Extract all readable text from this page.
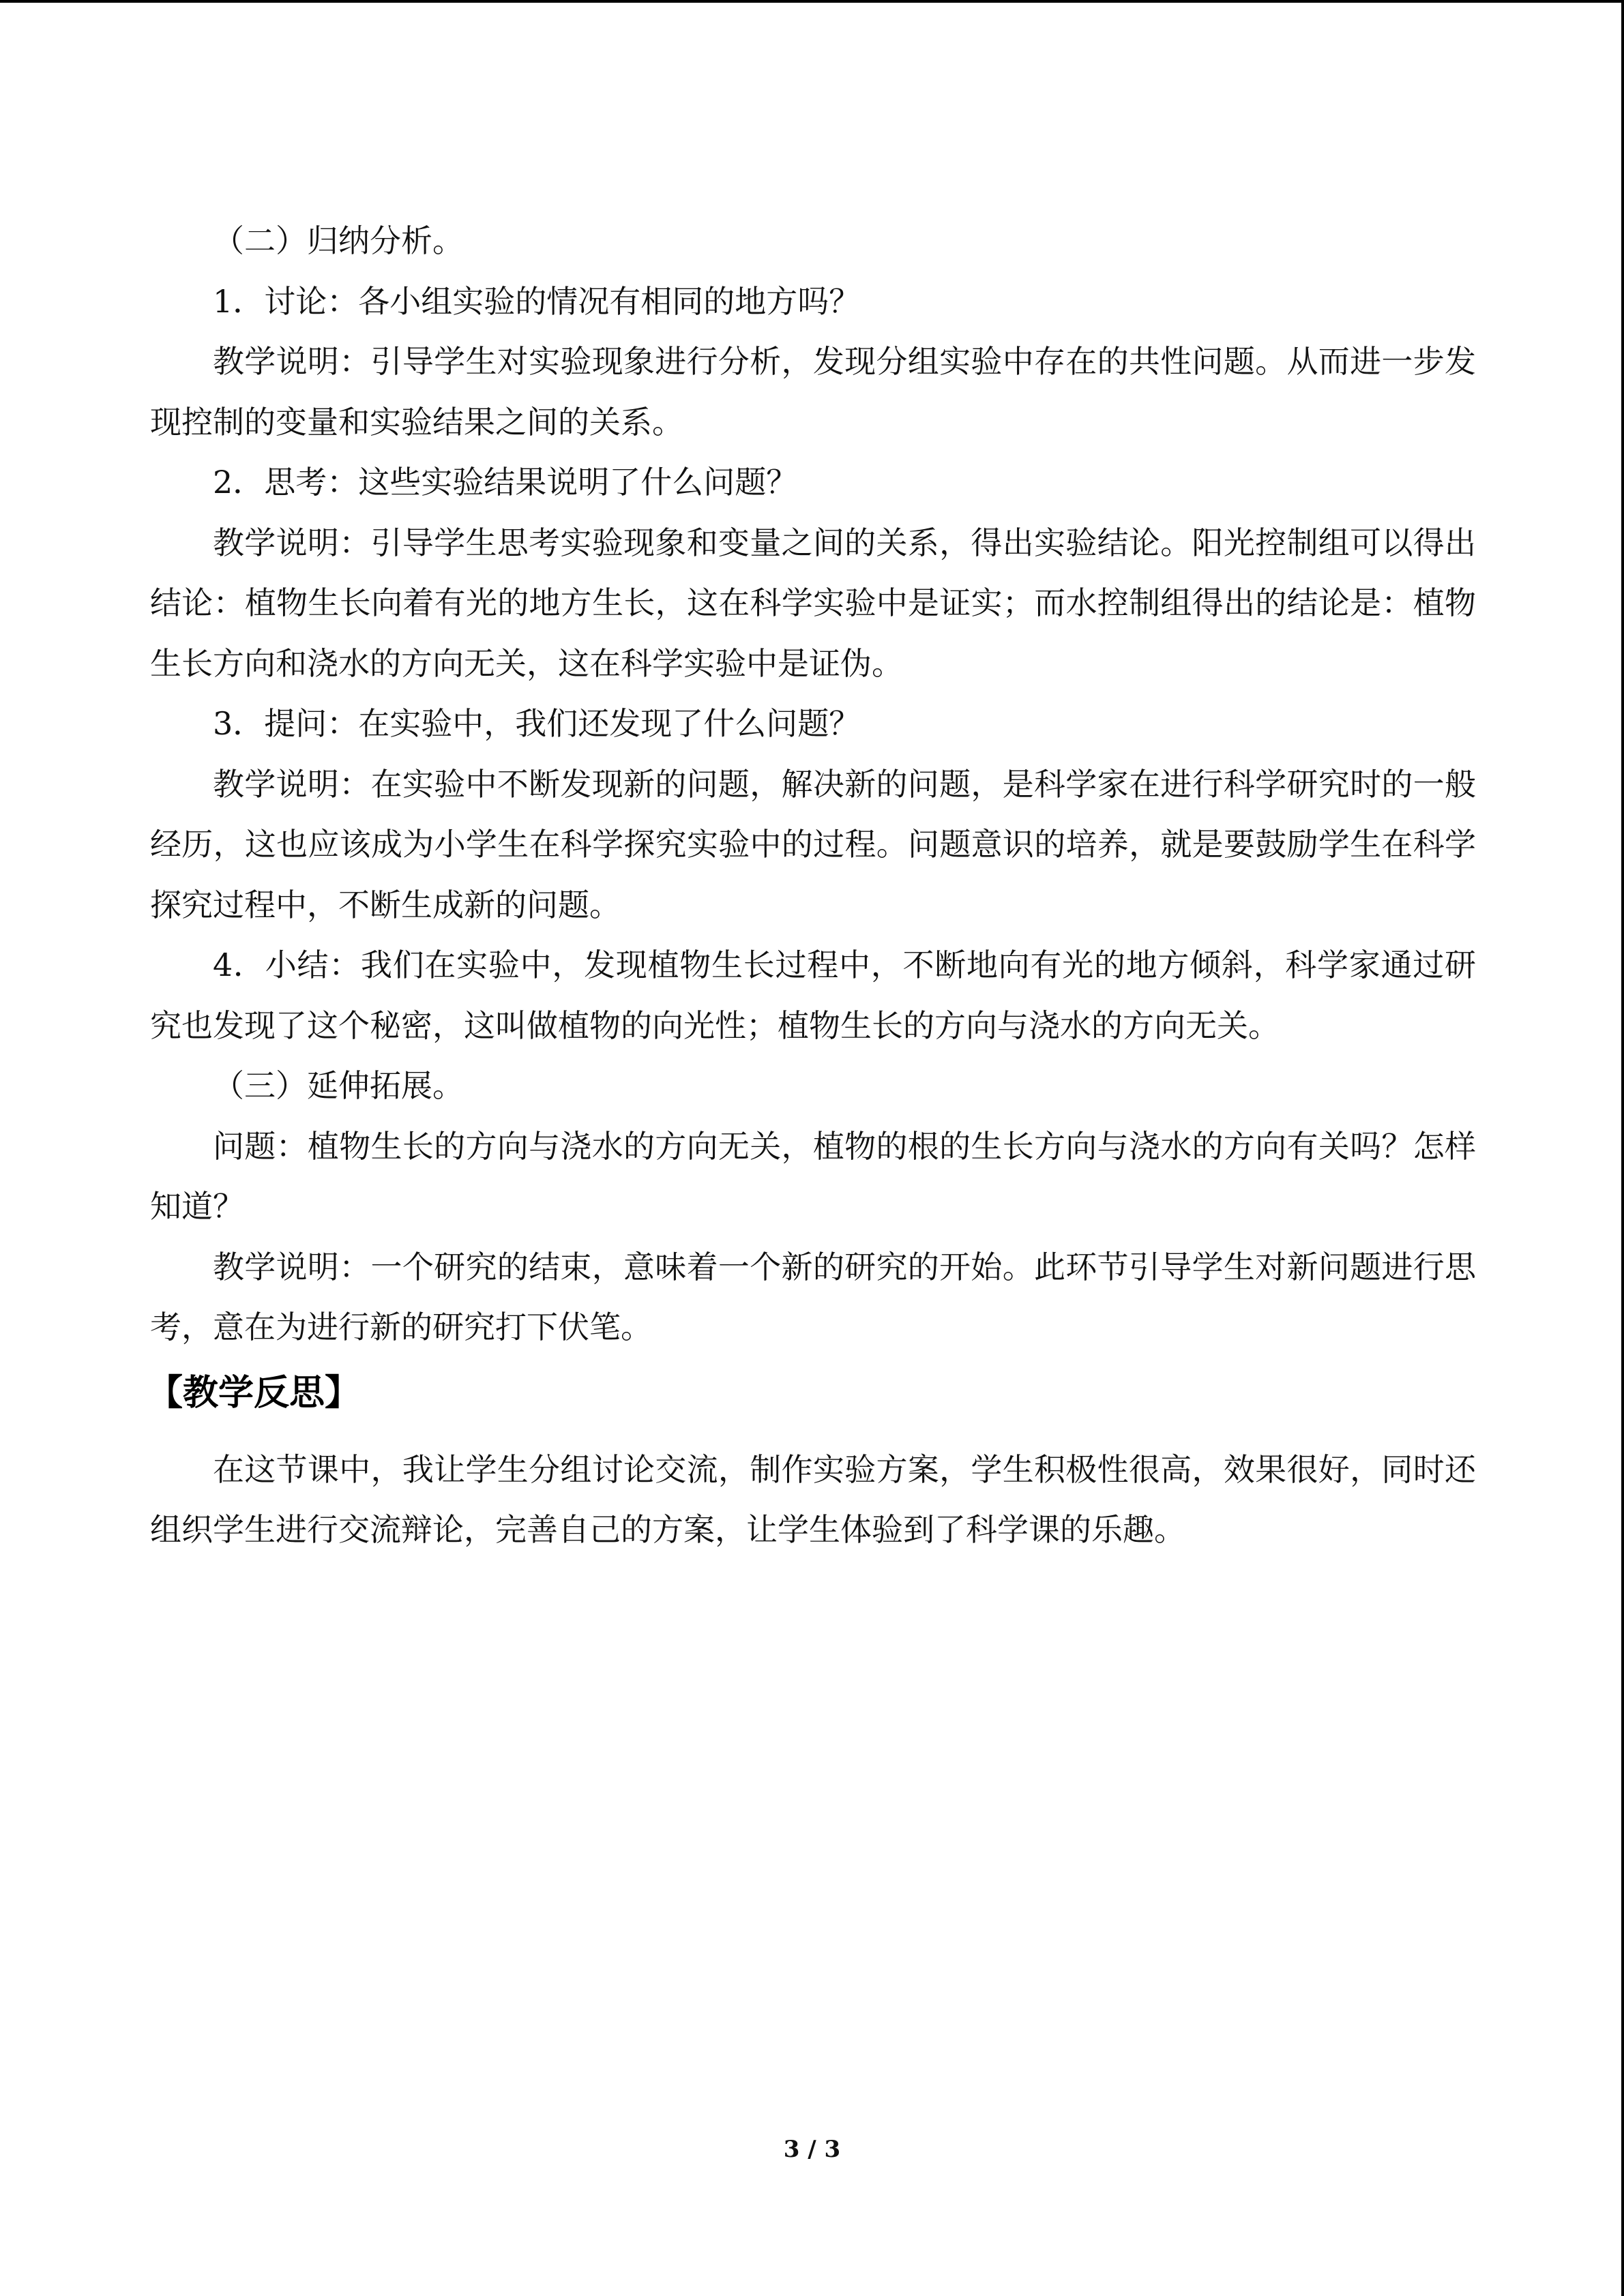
（二）归纳分析。

1．讨论：各小组实验的情况有相同的地方吗？

教学说明：引导学生对实验现象进行分析，发现分组实验中存在的共性问题。从而进一步发现控制的变量和实验结果之间的关系。

2．思考：这些实验结果说明了什么问题？

教学说明：引导学生思考实验现象和变量之间的关系，得出实验结论。阳光控制组可以得出结论：植物生长向着有光的地方生长，这在科学实验中是证实；而水控制组得出的结论是：植物生长方向和浇水的方向无关，这在科学实验中是证伪。

3．提问：在实验中，我们还发现了什么问题？

教学说明：在实验中不断发现新的问题，解决新的问题，是科学家在进行科学研究时的一般经历，这也应该成为小学生在科学探究实验中的过程。问题意识的培养，就是要鼓励学生在科学探究过程中，不断生成新的问题。

4．小结：我们在实验中，发现植物生长过程中，不断地向有光的地方倾斜，科学家通过研究也发现了这个秘密，这叫做植物的向光性；植物生长的方向与浇水的方向无关。

（三）延伸拓展。

问题：植物生长的方向与浇水的方向无关，植物的根的生长方向与浇水的方向有关吗？怎样知道？

教学说明：一个研究的结束，意味着一个新的研究的开始。此环节引导学生对新问题进行思考，意在为进行新的研究打下伏笔。

【教学反思】

在这节课中，我让学生分组讨论交流，制作实验方案，学生积极性很高，效果很好，同时还组织学生进行交流辩论，完善自己的方案，让学生体验到了科学课的乐趣。

3 / 3
